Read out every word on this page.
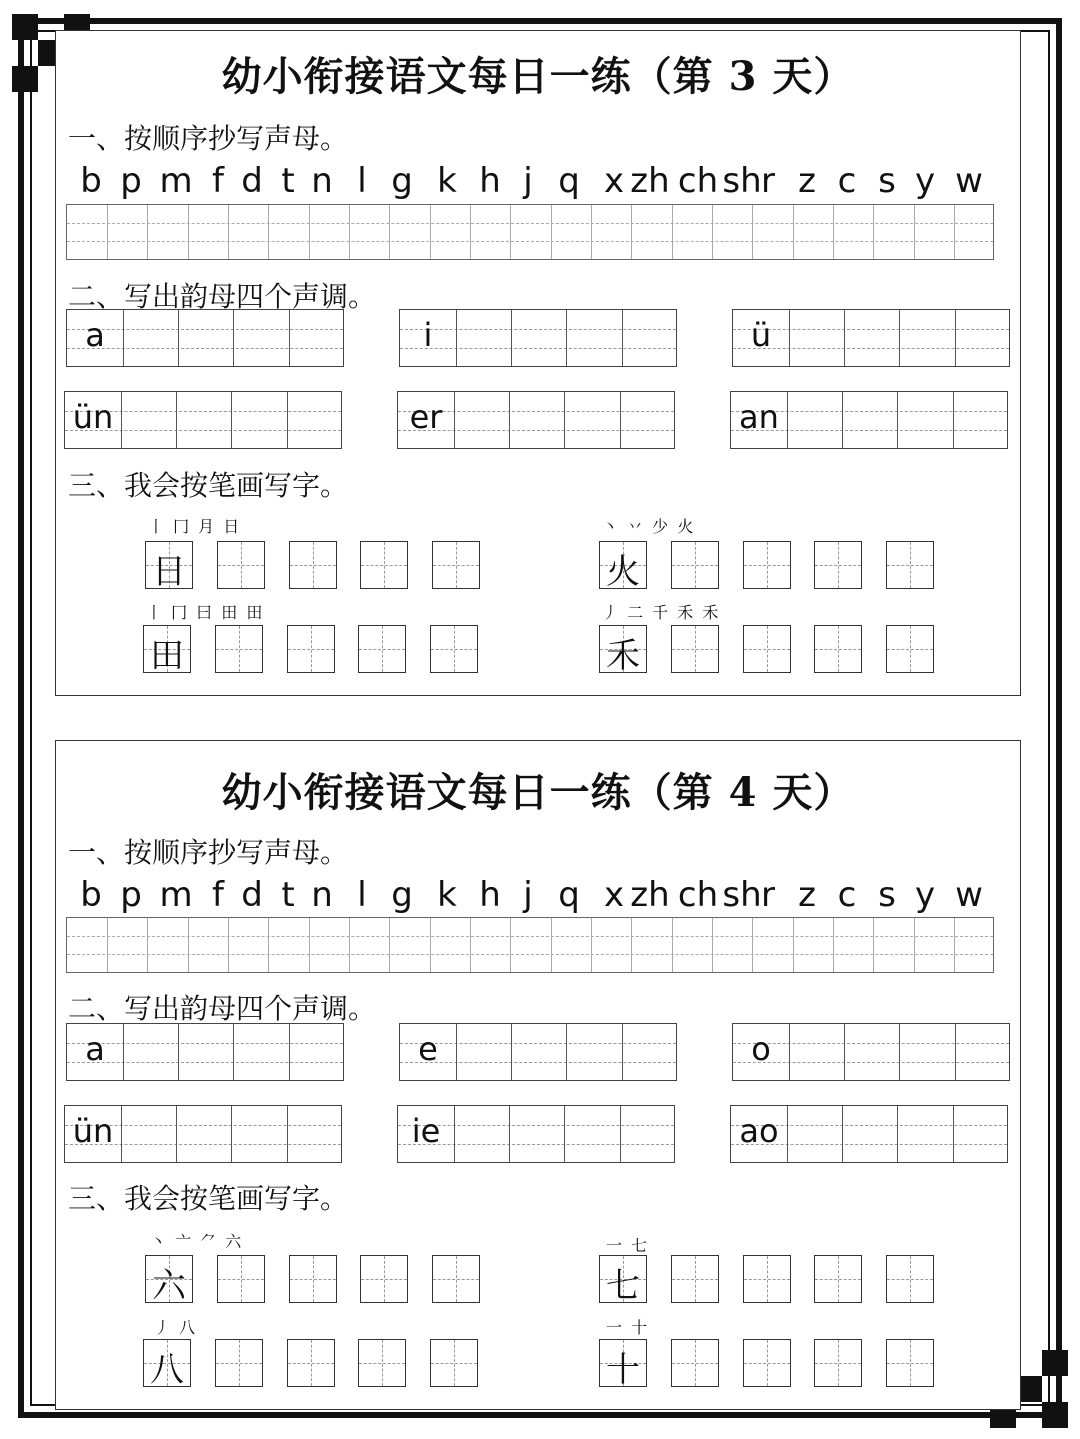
幼小衔接语文每日一练（第 3 天）
一、按顺序抄写声母。
b p m f d t n l g k h j q x zh ch sh r z c s y w
二、写出韵母四个声调。
a	i	ü
ün	er	an
三、我会按笔画写字。
丨 冂 月 日
日
丶 丷 少 火
火
丨 冂 曰 田 田
田
丿 二 千 禾 禾
禾
幼小衔接语文每日一练（第 4 天）
一、按顺序抄写声母。
b p m f d t n l g k h j q x zh ch sh r z c s y w
二、写出韵母四个声调。
a	e	o
ün	ie	ao
三、我会按笔画写字。
丶 亠 ⺈ 六
六
一 七
七
丿 八
八
一 十
十
